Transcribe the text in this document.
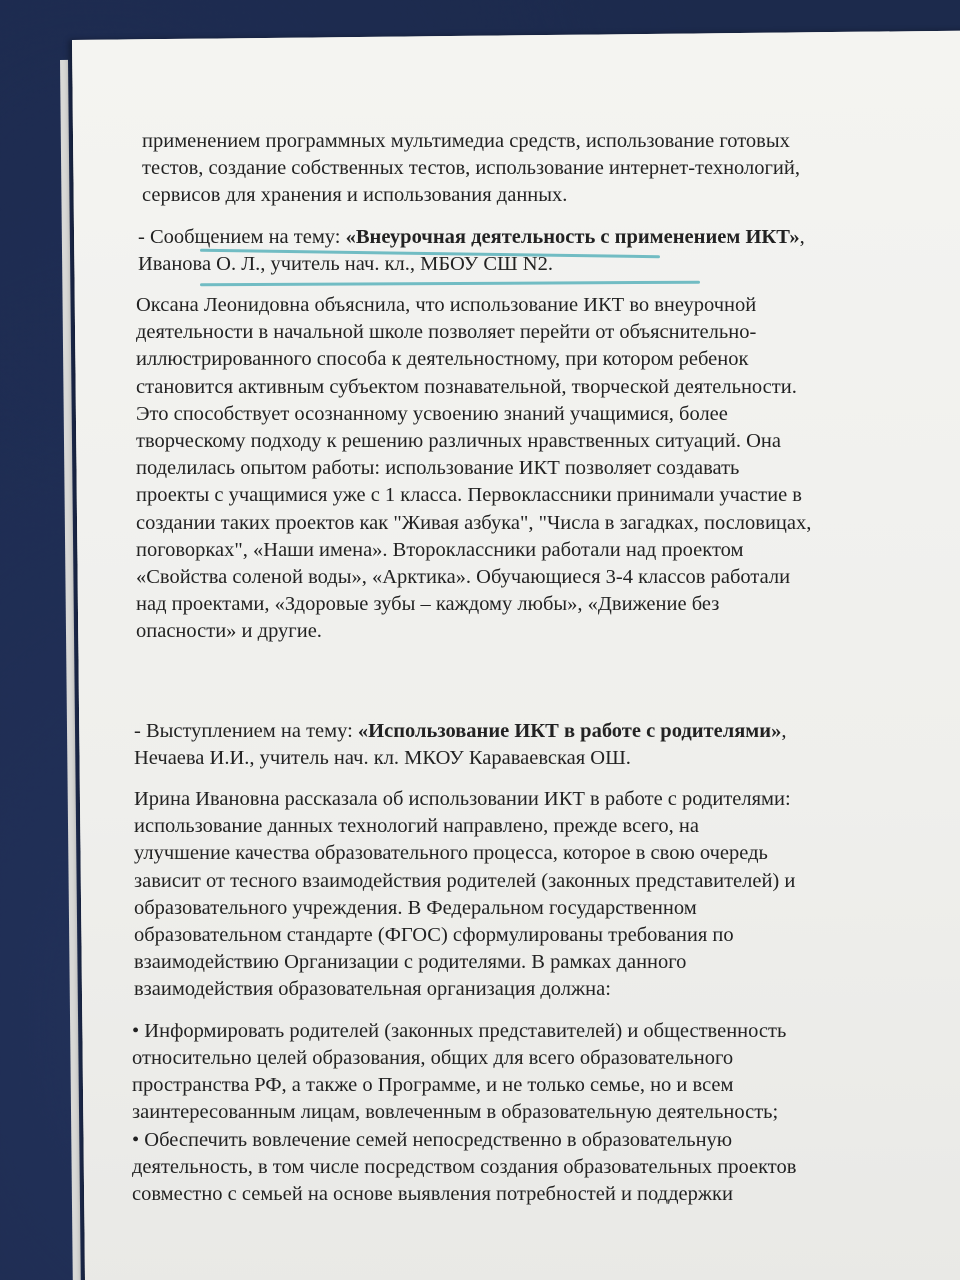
применением программных мультимедиа средств, использование готовых
тестов, создание собственных тестов, использование интернет-технологий,
сервисов для хранения и использования данных.
- Сообщением на тему: «Внеурочная деятельность с применением ИКТ»,
Иванова О. Л., учитель нач. кл., МБОУ СШ N2.
Оксана Леонидовна объяснила, что использование ИКТ во внеурочной
деятельности в начальной школе позволяет перейти от объяснительно-
иллюстрированного способа к деятельностному, при котором ребенок
становится активным субъектом познавательной, творческой деятельности.
Это способствует осознанному усвоению знаний учащимися, более
творческому подходу к решению различных нравственных ситуаций. Она
поделилась опытом работы: использование ИКТ позволяет создавать
проекты с учащимися уже с 1 класса. Первоклассники принимали участие в
создании таких проектов как "Живая азбука", "Числа в загадках, пословицах,
поговорках", «Наши имена». Второклассники работали над проектом
«Свойства соленой воды», «Арктика». Обучающиеся 3-4 классов работали
над проектами, «Здоровые зубы – каждому любы», «Движение без
опасности» и другие.
- Выступлением на тему: «Использование ИКТ в работе с родителями»,
Нечаева И.И., учитель нач. кл. МКОУ Караваевская ОШ.
Ирина Ивановна рассказала об использовании ИКТ в работе с родителями:
использование данных технологий направлено, прежде всего, на
улучшение качества образовательного процесса, которое в свою очередь
зависит от тесного взаимодействия родителей (законных представителей) и
образовательного учреждения. В Федеральном государственном
образовательном стандарте (ФГОС) сформулированы требования по
взаимодействию Организации с родителями. В рамках данного
взаимодействия образовательная организация должна:
• Информировать родителей (законных представителей) и общественность
относительно целей образования, общих для всего образовательного
пространства РФ, а также о Программе, и не только семье, но и всем
заинтересованным лицам, вовлеченным в образовательную деятельность;
• Обеспечить вовлечение семей непосредственно в образовательную
деятельность, в том числе посредством создания образовательных проектов
совместно с семьей на основе выявления потребностей и поддержки
